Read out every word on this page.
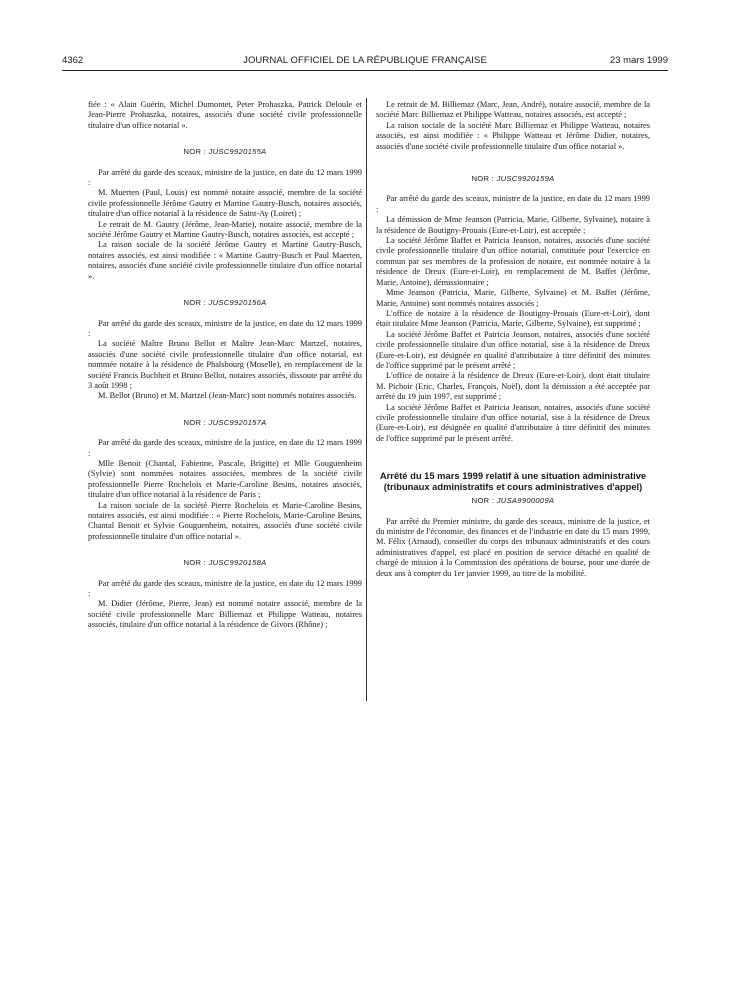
4362	JOURNAL OFFICIEL DE LA RÉPUBLIQUE FRANÇAISE	23 mars 1999

fiée : « Alain Guérin, Michel Dumontet, Peter Prohaszka, Patrick Deloule et Jean-Pierre Prohaszka, notaires, associés d'une société civile professionnelle titulaire d'un office notarial ».

NOR : JUSC9920155A

Par arrêté du garde des sceaux, ministre de la justice, en date du 12 mars 1999 :

M. Muerten (Paul, Louis) est nommé notaire associé, membre de la société civile professionnelle Jérôme Gautry et Martine Gautry-Busch, notaires associés, titulaire d'un office notarial à la résidence de Saint-Ay (Loiret) ;

Le retrait de M. Gautry (Jérôme, Jean-Marie), notaire associé, membre de la société Jérôme Gautry et Martine Gautry-Busch, notaires associés, est accepté ;

La raison sociale de la société Jérôme Gautry et Martine Gautry-Busch, notaires associés, est ainsi modifiée : « Martine Gautry-Busch et Paul Maerten, notaires, associés d'une société civile professionnelle titulaire d'un office notarial ».

NOR : JUSC9920156A

Par arrêté du garde des sceaux, ministre de la justice, en date du 12 mars 1999 :

La société Maître Bruno Bellot et Maître Jean-Marc Martzel, notaires, associés d'une société civile professionnelle titulaire d'un office notarial, est nommée notaire à la résidence de Phalsbourg (Moselle), en remplacement de la société Francis Buchheit et Bruno Bellot, notaires associés, dissoute par arrêté du 3 août 1998 ;

M. Bellot (Bruno) et M. Martzel (Jean-Marc) sont nommés notaires associés.

NOR : JUSC9920157A

Par arrêté du garde des sceaux, ministre de la justice, en date du 12 mars 1999 :

Mlle Benoit (Chantal, Fabienne, Pascale, Brigitte) et Mlle Gouguenheim (Sylvie) sont nommées notaires associées, membres de la société civile professionnelle Pierre Rochelois et Marie-Caroline Besins, notaires associés, titulaire d'un office notarial à la résidence de Paris ;

La raison sociale de la société Pierre Rochelois et Marie-Caroline Besins, notaires associés, est ainsi modifiée : « Pierre Rochelois, Marie-Caroline Besins, Chantal Benoit et Sylvie Gouguenheim, notaires, associés d'une société civile professionnelle titulaire d'un office notarial ».

NOR : JUSC9920158A

Par arrêté du garde des sceaux, ministre de la justice, en date du 12 mars 1999 :

M. Didier (Jérôme, Pierre, Jean) est nommé notaire associé, membre de la société civile professionnelle Marc Billiemaz et Philippe Watteau, notaires associés, titulaire d'un office notarial à la résidence de Givors (Rhône) ;

Le retrait de M. Billiemaz (Marc, Jean, André), notaire associé, membre de la société Marc Billiemaz et Philippe Watteau, notaires associés, est accepté ;

La raison sociale de la société Marc Billiemaz et Philippe Watteau, notaires associés, est ainsi modifiée : « Philippe Watteau et Jérôme Didier, notaires, associés d'une société civile professionnelle titulaire d'un office notarial ».

NOR : JUSC9920159A

Par arrêté du garde des sceaux, ministre de la justice, en date du 12 mars 1999 :

La démission de Mme Jeanson (Patricia, Marie, Gilberte, Sylvaine), notaire à la résidence de Boutigny-Prouais (Eure-et-Loir), est acceptée ;

La société Jérôme Baffet et Patricia Jeanson, notaires, associés d'une société civile professionnelle titulaire d'un office notarial, constituée pour l'exercice en commun par ses membres de la profession de notaire, est nommée notaire à la résidence de Dreux (Eure-et-Loir), en remplacement de M. Baffet (Jérôme, Marie, Antoine), démissionnaire ;

Mme Jeanson (Patricia, Marie, Gilberte, Sylvaine) et M. Baffet (Jérôme, Marie, Antoine) sont nommés notaires associés ;

L'office de notaire à la résidence de Boutigny-Prouais (Eure-et-Loir), dont était titulaire Mme Jeanson (Patricia, Marie, Gilberte, Sylvaine), est supprimé ;

La société Jérôme Baffet et Patricia Jeanson, notaires, associés d'une société civile professionnelle titulaire d'un office notarial, sise à la résidence de Dreux (Eure-et-Loir), est désignée en qualité d'attributaire à titre définitif des minutes de l'office supprimé par le présent arrêté ;

L'office de notaire à la résidence de Dreux (Eure-et-Loir), dont était titulaire M. Pichoir (Eric, Charles, François, Noël), dont la démission a été acceptée par arrêté du 19 juin 1997, est supprimé ;

La société Jérôme Baffet et Patricia Jeanson, notaires, associés d'une société civile professionnelle titulaire d'un office notarial, sise à la résidence de Dreux (Eure-et-Loir), est désignée en qualité d'attributaire à titre définitif des minutes de l'office supprimé par le présent arrêté.

Arrêté du 15 mars 1999 relatif à une situation administrative (tribunaux administratifs et cours administratives d'appel)
NOR : JUSA9900009A

Par arrêté du Premier ministre, du garde des sceaux, ministre de la justice, et du ministre de l'économie, des finances et de l'industrie en date du 15 mars 1999, M. Félix (Arnaud), conseiller du corps des tribunaux administratifs et des cours administratives d'appel, est placé en position de service détaché en qualité de chargé de mission à la Commission des opérations de bourse, pour une durée de deux ans à compter du 1er janvier 1999, au titre de la mobilité.
